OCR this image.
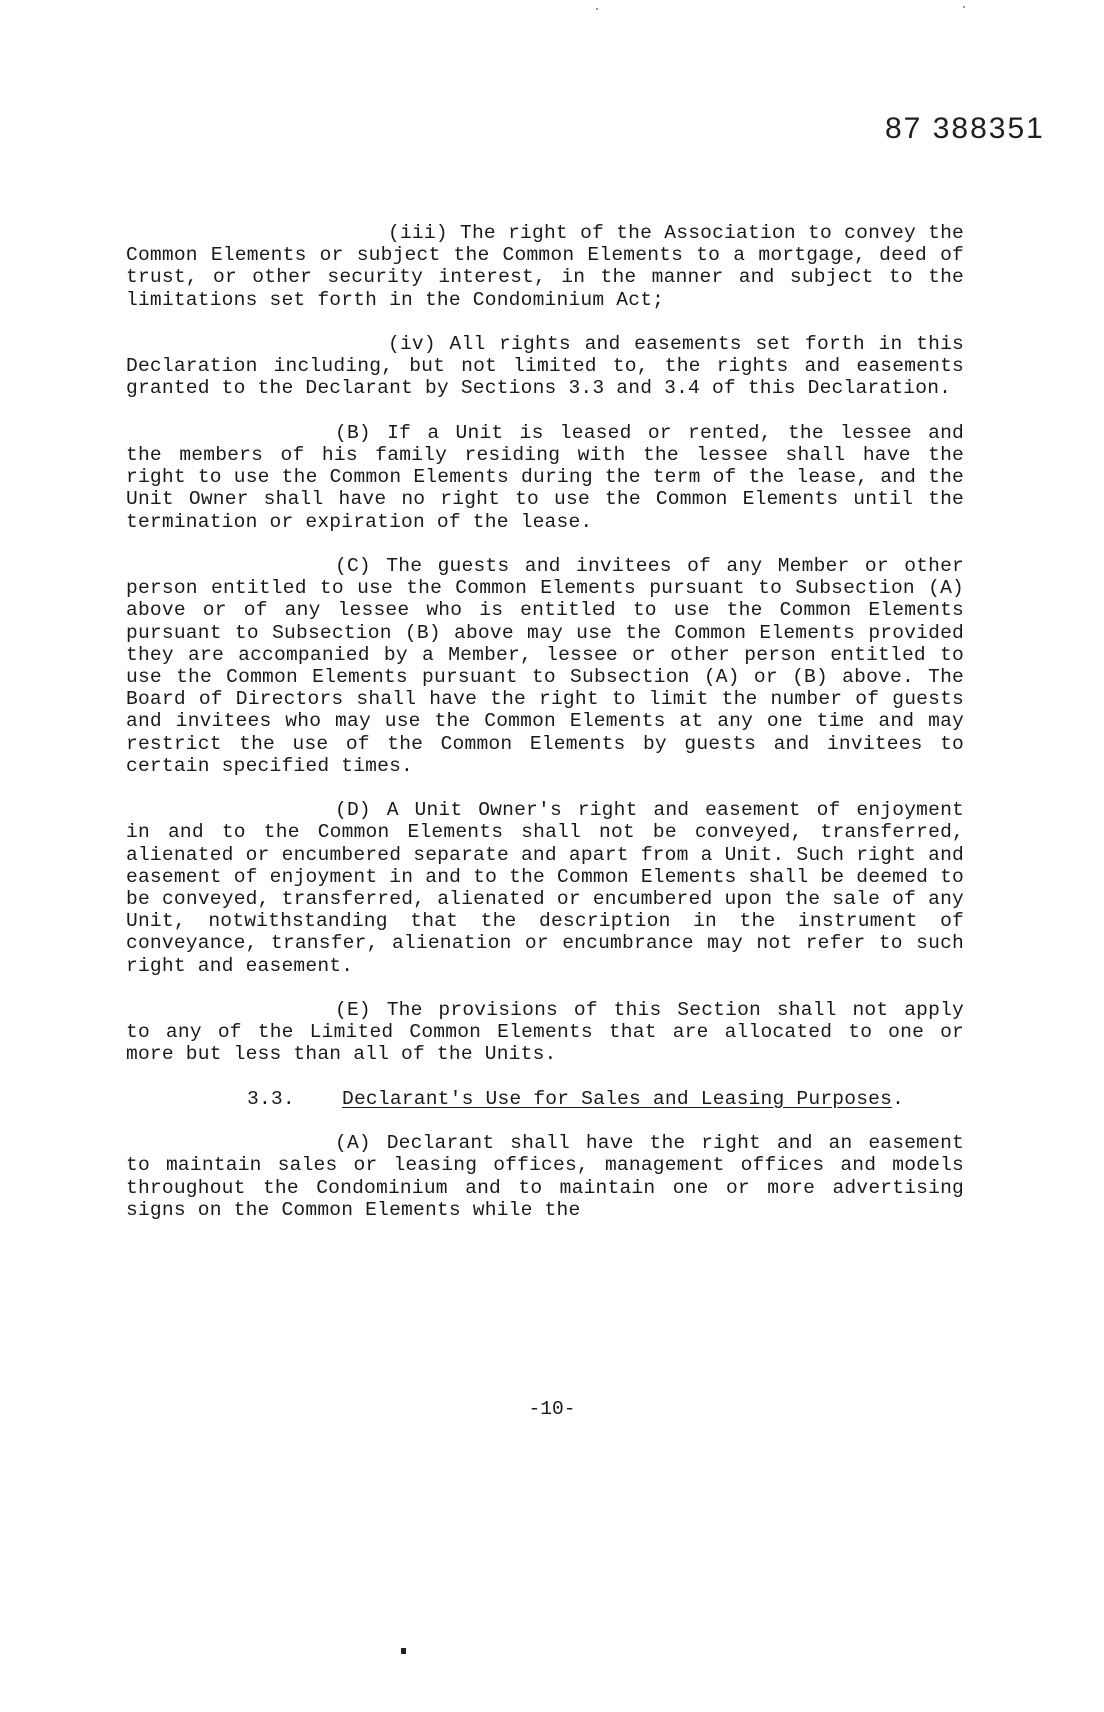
87 388351

(iii) The right of the Association to convey the Common Elements or subject the Common Elements to a mortgage, deed of trust, or other security interest, in the manner and subject to the limitations set forth in the Condominium Act;

(iv) All rights and easements set forth in this Declaration including, but not limited to, the rights and easements granted to the Declarant by Sections 3.3 and 3.4 of this Declaration.

(B) If a Unit is leased or rented, the lessee and the members of his family residing with the lessee shall have the right to use the Common Elements during the term of the lease, and the Unit Owner shall have no right to use the Common Elements until the termination or expiration of the lease.

(C) The guests and invitees of any Member or other person entitled to use the Common Elements pursuant to Subsection (A) above or of any lessee who is entitled to use the Common Elements pursuant to Subsection (B) above may use the Common Elements provided they are accompanied by a Member, lessee or other person entitled to use the Common Elements pursuant to Subsection (A) or (B) above. The Board of Directors shall have the right to limit the number of guests and invitees who may use the Common Elements at any one time and may restrict the use of the Common Elements by guests and invitees to certain specified times.

(D) A Unit Owner's right and easement of enjoyment in and to the Common Elements shall not be conveyed, transferred, alienated or encumbered separate and apart from a Unit. Such right and easement of enjoyment in and to the Common Elements shall be deemed to be conveyed, transferred, alienated or encumbered upon the sale of any Unit, notwithstanding that the description in the instrument of conveyance, transfer, alienation or encumbrance may not refer to such right and easement.

(E) The provisions of this Section shall not apply to any of the Limited Common Elements that are allocated to one or more but less than all of the Units.

3.3. Declarant's Use for Sales and Leasing Purposes.

(A) Declarant shall have the right and an easement to maintain sales or leasing offices, management offices and models throughout the Condominium and to maintain one or more advertising signs on the Common Elements while the

-10-
